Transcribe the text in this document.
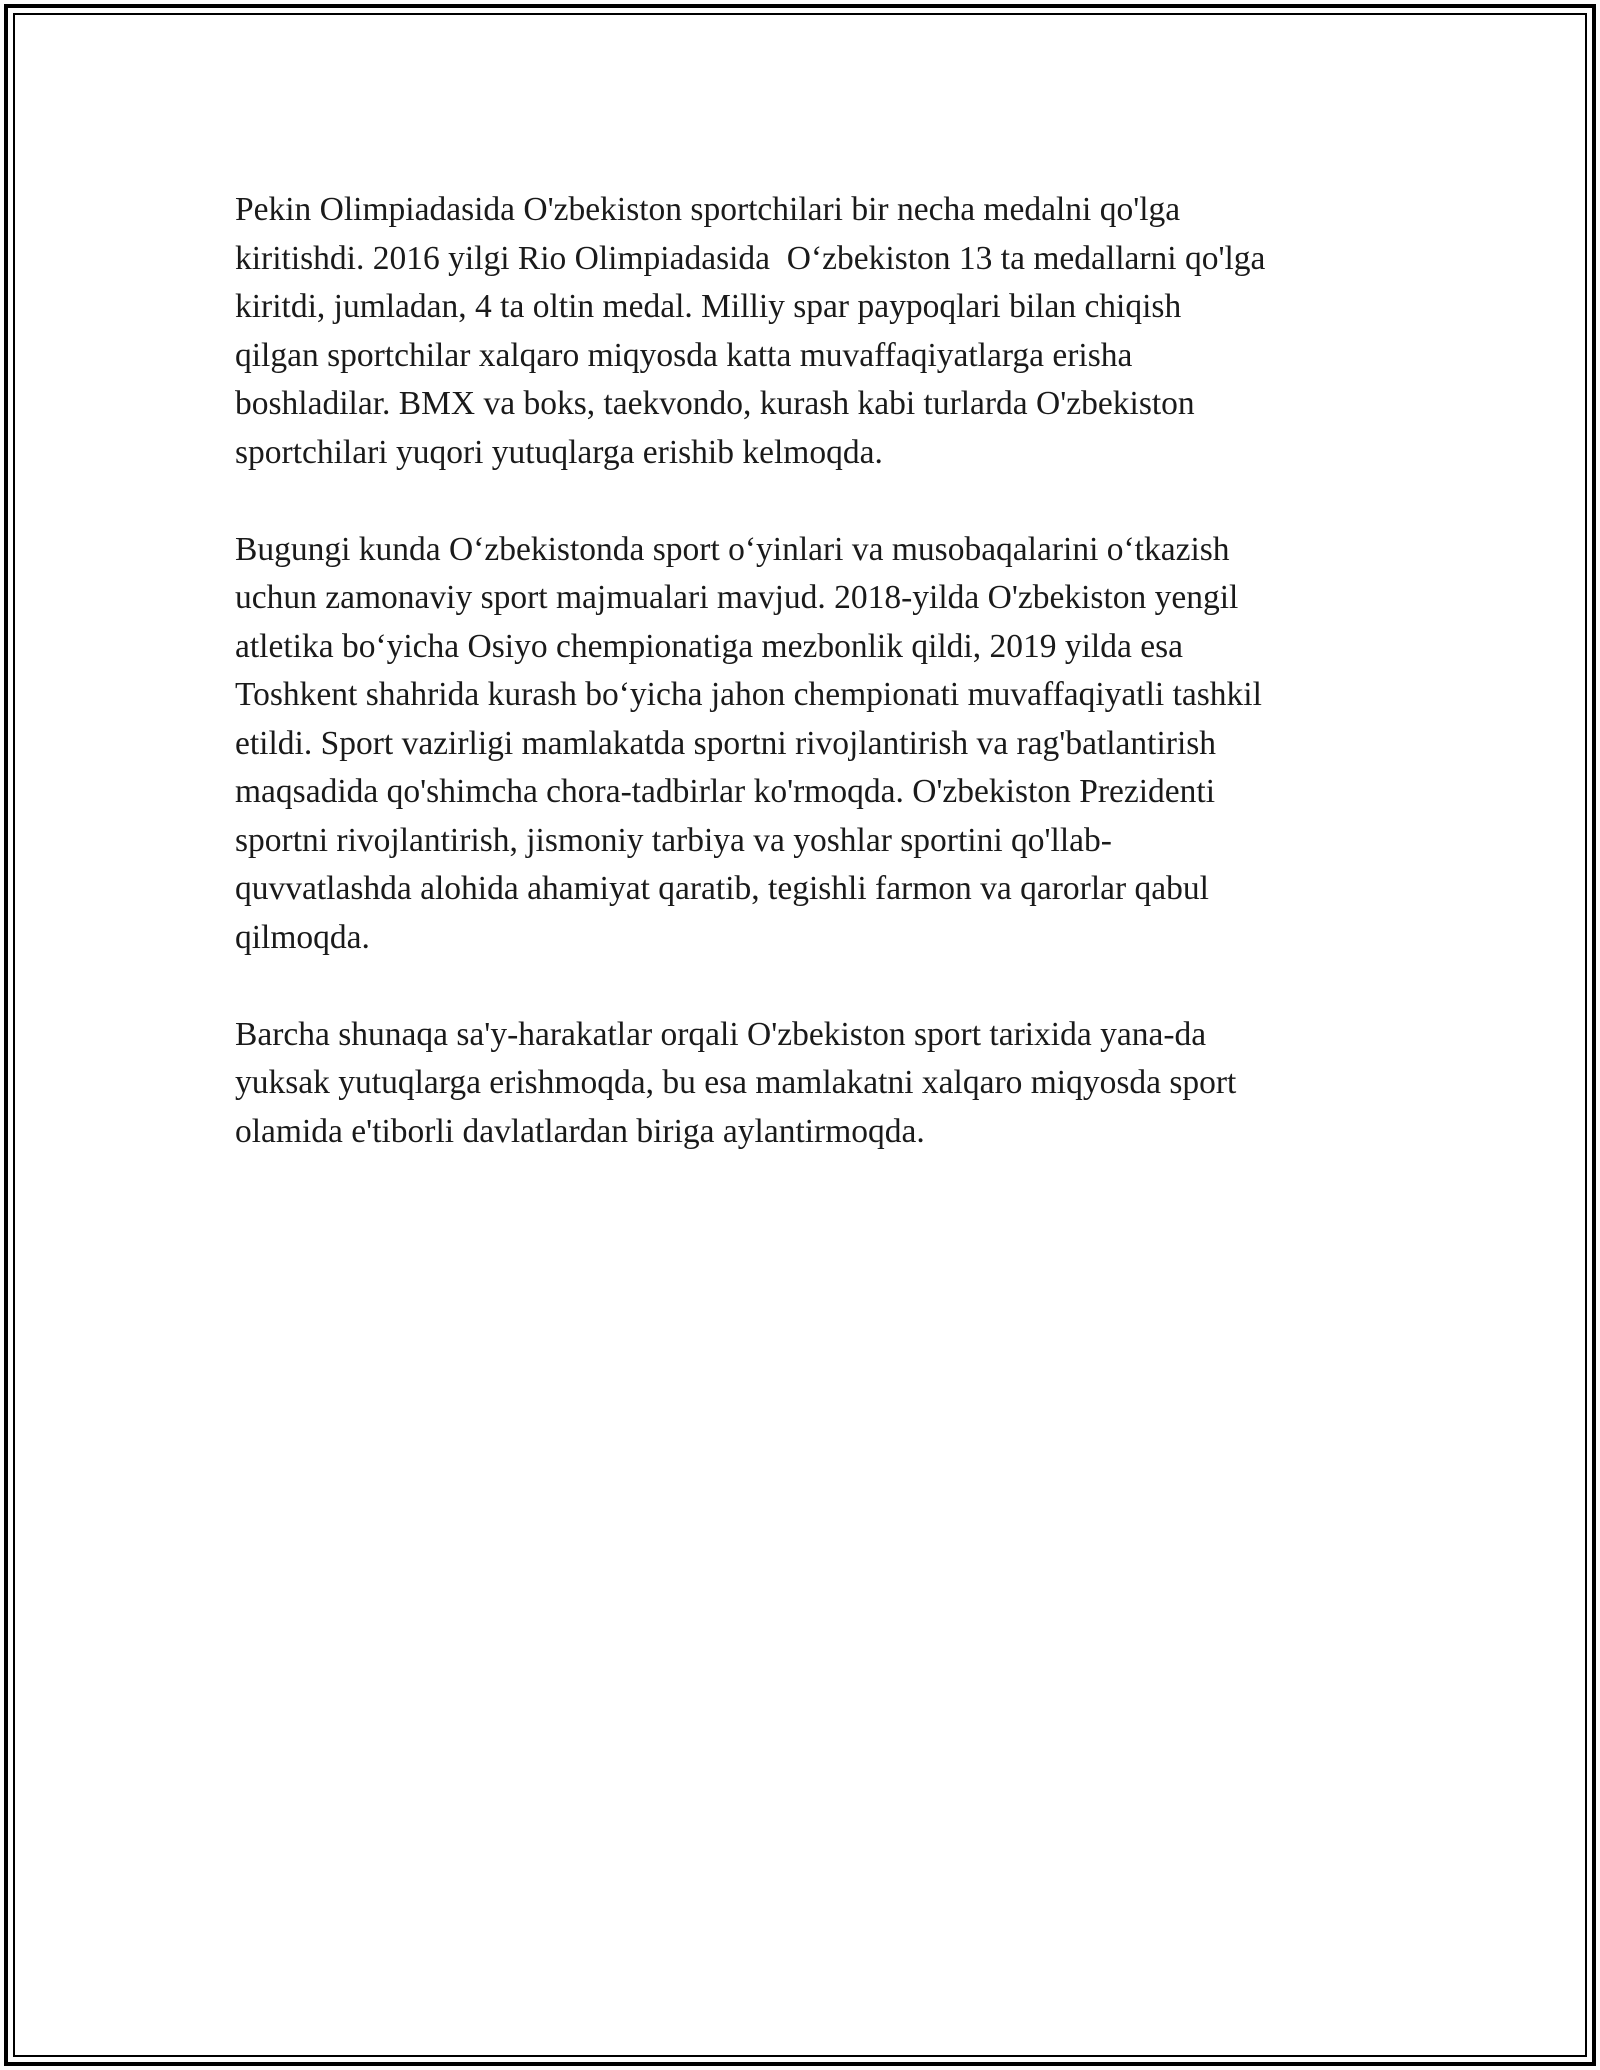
Pekin Olimpiadasida O'zbekiston sportchilari bir necha medalni qo'lga
kiritishdi. 2016 yilgi Rio Olimpiadasida  O‘zbekiston 13 ta medallarni qo'lga
kiritdi, jumladan, 4 ta oltin medal. Milliy spar paypoqlari bilan chiqish
qilgan sportchilar xalqaro miqyosda katta muvaffaqiyatlarga erisha
boshladilar. BMX va boks, taekvondo, kurash kabi turlarda O'zbekiston
sportchilari yuqori yutuqlarga erishib kelmoqda.

Bugungi kunda O‘zbekistonda sport o‘yinlari va musobaqalarini o‘tkazish
uchun zamonaviy sport majmualari mavjud. 2018-yilda O'zbekiston yengil
atletika bo‘yicha Osiyo chempionatiga mezbonlik qildi, 2019 yilda esa
Toshkent shahrida kurash bo‘yicha jahon chempionati muvaffaqiyatli tashkil
etildi. Sport vazirligi mamlakatda sportni rivojlantirish va rag'batlantirish
maqsadida qo'shimcha chora-tadbirlar ko'rmoqda. O'zbekiston Prezidenti
sportni rivojlantirish, jismoniy tarbiya va yoshlar sportini qo'llab-
quvvatlashda alohida ahamiyat qaratib, tegishli farmon va qarorlar qabul
qilmoqda.

Barcha shunaqa sa'y-harakatlar orqali O'zbekiston sport tarixida yana-da
yuksak yutuqlarga erishmoqda, bu esa mamlakatni xalqaro miqyosda sport
olamida e'tiborli davlatlardan biriga aylantirmoqda.
